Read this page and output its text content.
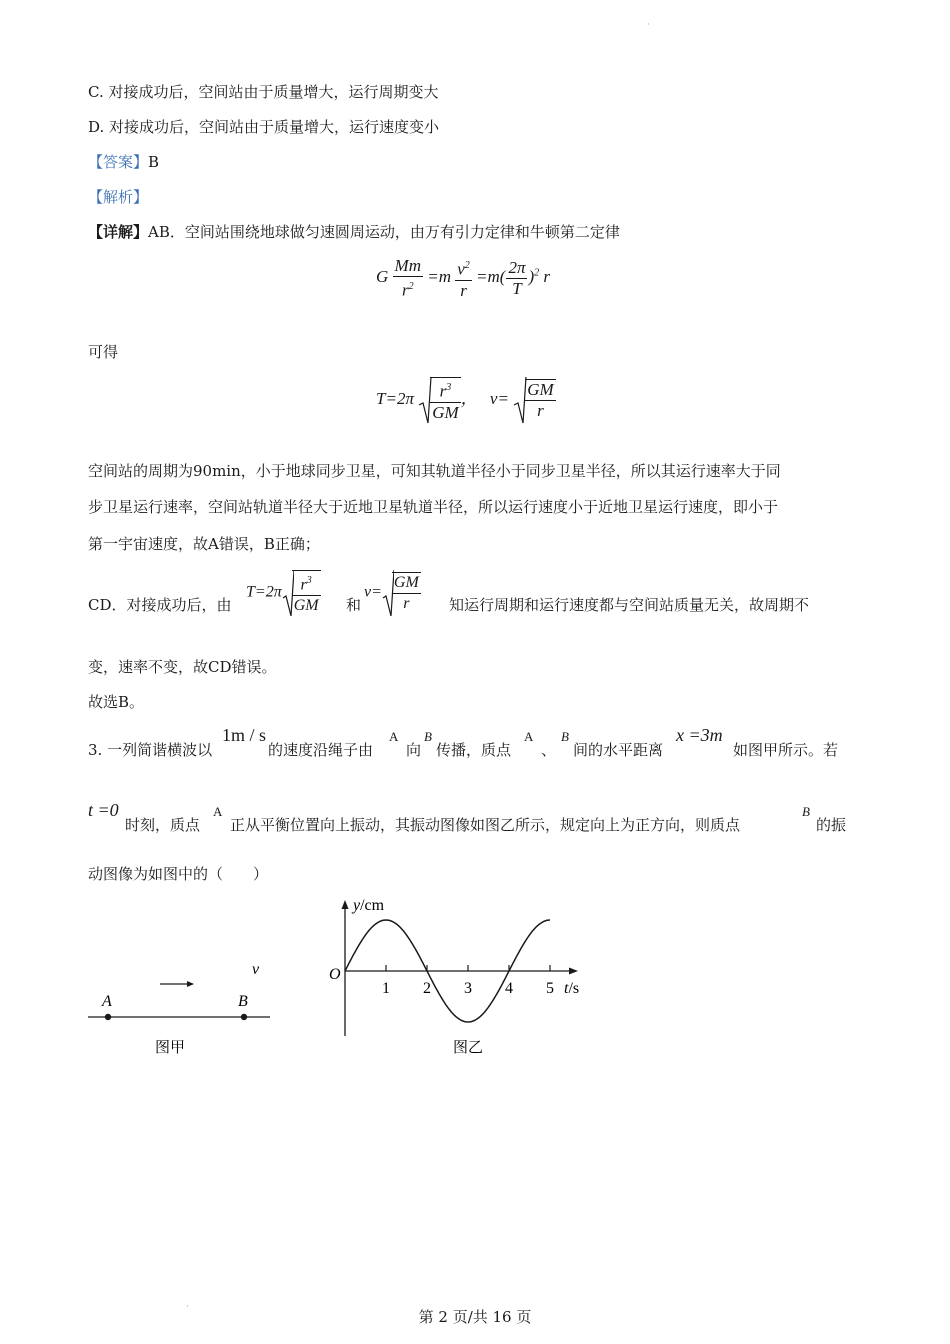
·
C. 对接成功后，空间站由于质量增大，运行周期变大
D. 对接成功后，空间站由于质量增大，运行速度变小
【答案】B
【解析】
【详解】AB．空间站围绕地球做匀速圆周运动，由万有引力定律和牛顿第二定律
G $\frac{Mm}{r^2} =m \frac{v^2}{r} =m( \frac{2\pi}{T} )^2$ r
可得
$T=2\pi \frac{r^3}{GM}$ ， $v= \frac{GM}{r}$
空间站的周期为90min，小于地球同步卫星，可知其轨道半径小于同步卫星半径，所以其运行速率大于同
步卫星运行速率，空间站轨道半径大于近地卫星轨道半径，所以运行速度小于近地卫星运行速度，即小于
第一宇宙速度，故A错误，B正确；
CD．对接成功后，由
$T=2\pi \frac{r^3}{GM}$ 和
$v= \frac{GM}{r}$ 知运行周期和运行速度都与空间站质量无关，故周期不
变，速率不变，故CD错误。
故选B。
3. 一列简谐横波以
1m / s
的速度沿绳子由
A
向
B
传播，质点
A
、
B
间的水平距离
x =3m
如图甲所示。若
t =0
时刻，质点
A
正从平衡位置向上振动，其振动图像如图乙所示，规定向上为正方向，则质点
B
的振
动图像为如图中的（　　）
v
A	B
图甲
y/cm
t/s
O
1 2 3 4 5
图乙
第 2 页/共 16 页
·
